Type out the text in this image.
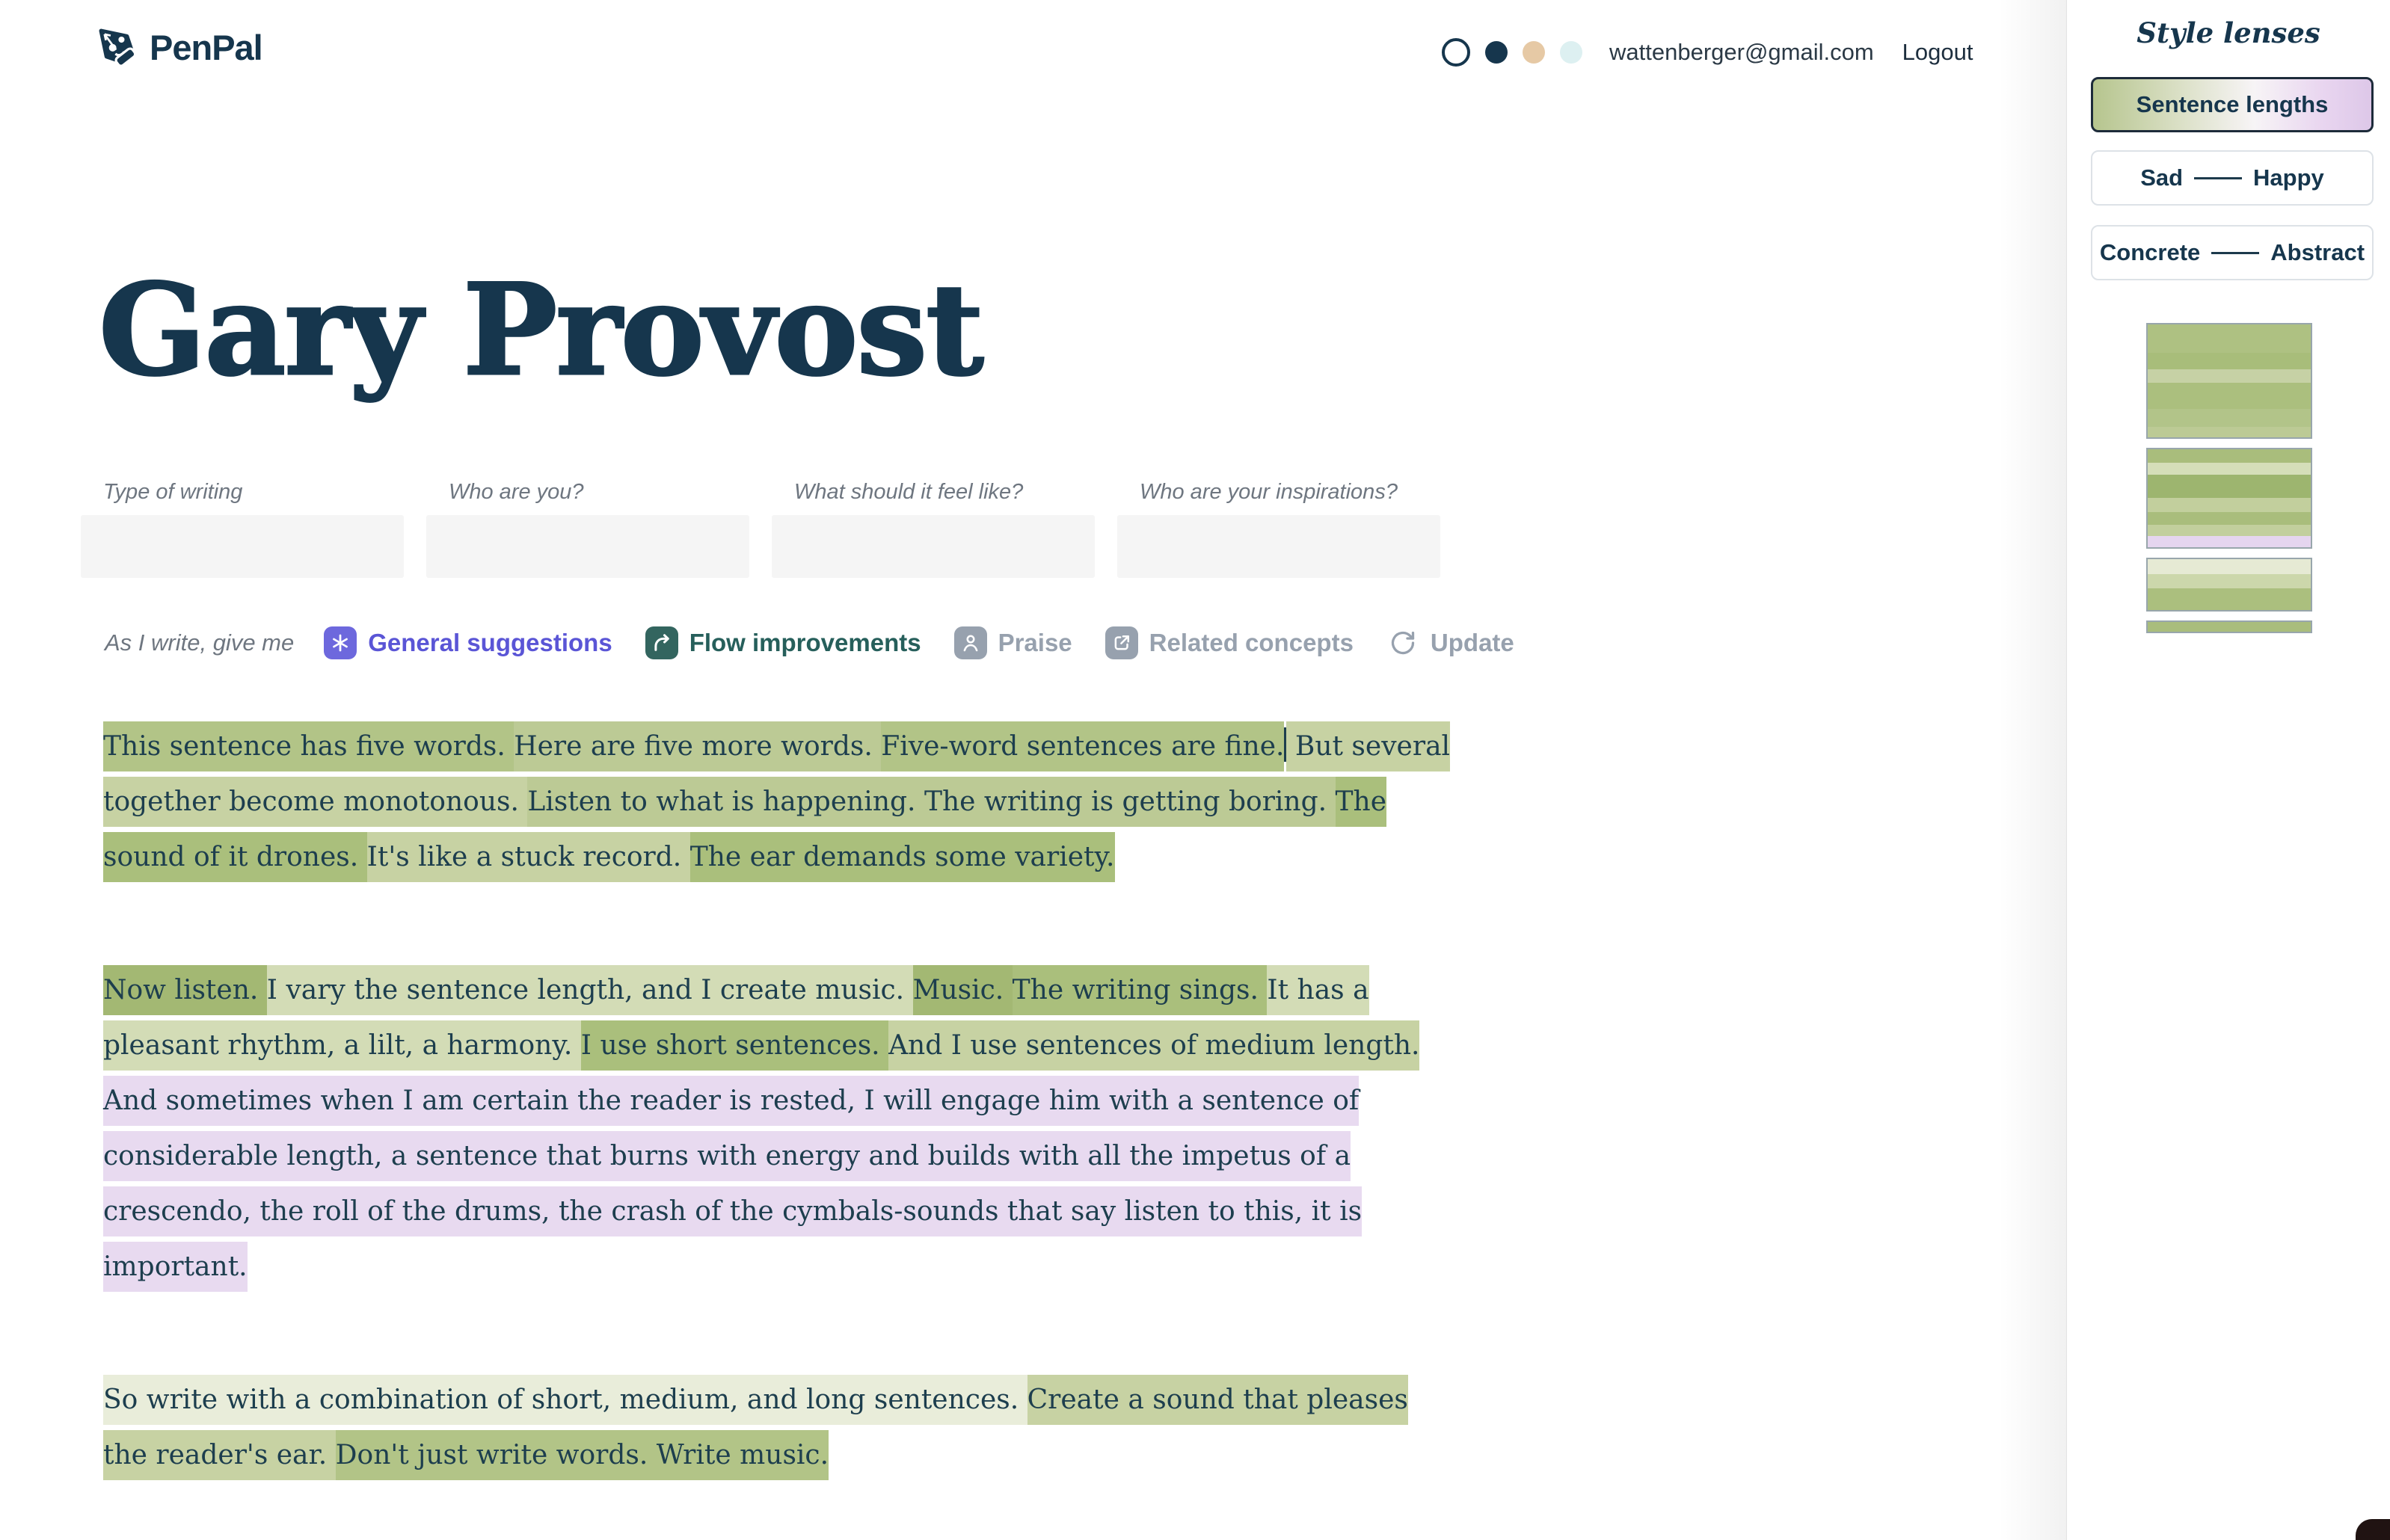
PenPal	wattenberger@gmail.com Logout
Gary Provost
Type of writing	Who are you?	What should it feel like?	Who are your inspirations?
As I write, give me	General suggestions	Flow improvements	Praise	Related concepts	Update
This sentence has five words. Here are five more words. Five-word sentences are fine. But several
together become monotonous. Listen to what is happening. The writing is getting boring. The
sound of it drones. It's like a stuck record. The ear demands some variety.
Now listen. I vary the sentence length, and I create music. Music. The writing sings. It has a
pleasant rhythm, a lilt, a harmony. I use short sentences. And I use sentences of medium length.
And sometimes when I am certain the reader is rested, I will engage him with a sentence of
considerable length, a sentence that burns with energy and builds with all the impetus of a
crescendo, the roll of the drums, the crash of the cymbals-sounds that say listen to this, it is
important.
So write with a combination of short, medium, and long sentences. Create a sound that pleases
the reader's ear. Don't just write words. Write music.
Style lenses
Sentence lengths
Sad	Happy
Concrete	Abstract
